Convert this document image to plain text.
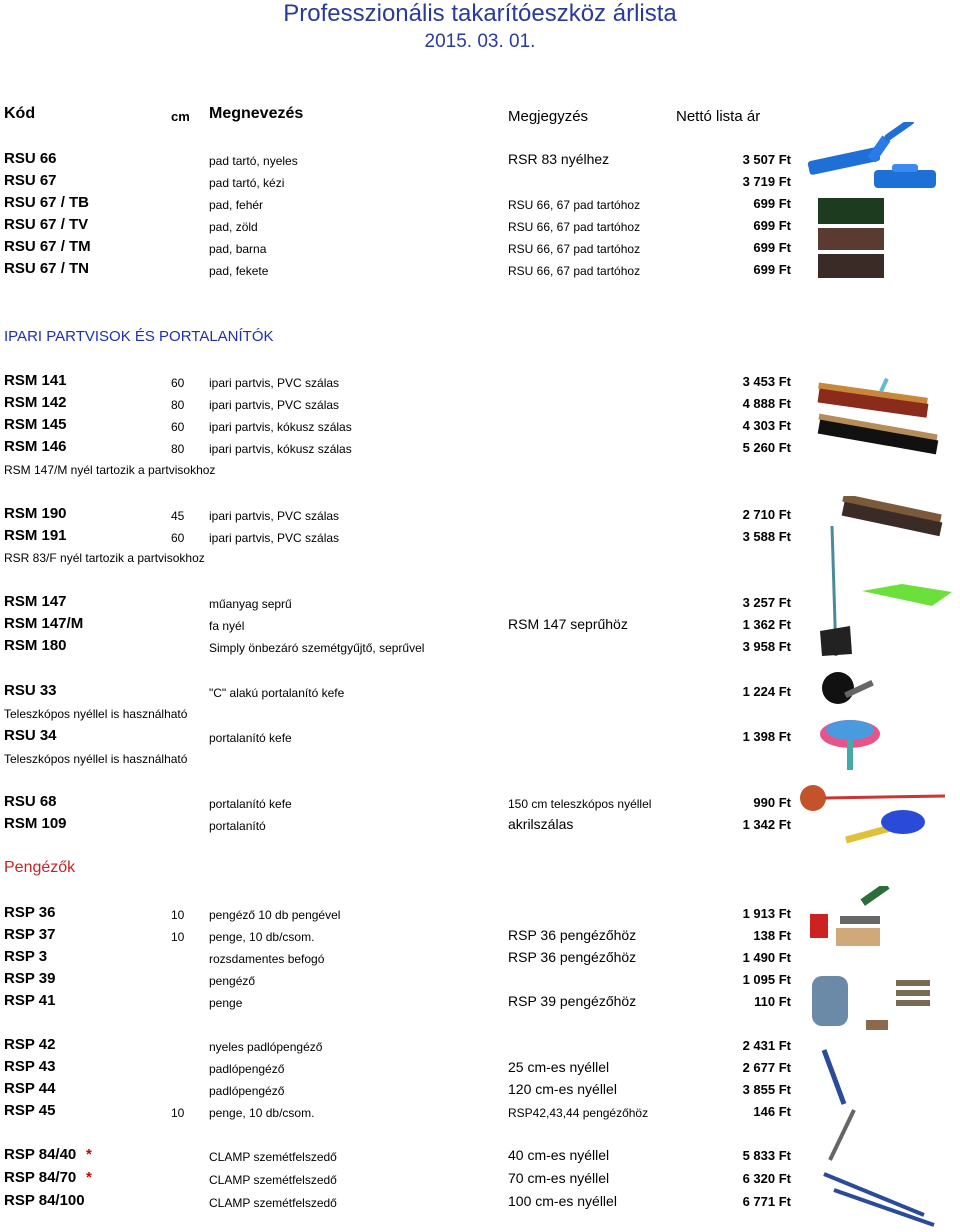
Professzionális takarítóeszköz árlista
2015. 03. 01.
Kód	cm Megnevezés	Megjegyzés	Nettó lista ár
RSU 66	pad tartó, nyeles	RSR 83 nyélhez	3 507 Ft
RSU 67	pad tartó, kézi	3 719 Ft
RSU 67 / TB	pad, fehér	RSU 66, 67 pad tartóhoz	699 Ft
RSU 67 / TV	pad, zöld	RSU 66, 67 pad tartóhoz	699 Ft
RSU 67 / TM	pad, barna	RSU 66, 67 pad tartóhoz	699 Ft
RSU 67 / TN	pad, fekete	RSU 66, 67 pad tartóhoz	699 Ft
RSM 141	60 ipari partvis, PVC szálas	3 453 Ft
RSM 142	80 ipari partvis, PVC szálas	4 888 Ft
RSM 145	60 ipari partvis, kókusz szálas	4 303 Ft
RSM 146	80 ipari partvis, kókusz szálas	5 260 Ft
RSM 190	45 ipari partvis, PVC szálas	2 710 Ft
RSM 191	60 ipari partvis, PVC szálas	3 588 Ft
RSM 147	műanyag seprű	3 257 Ft
RSM 147/M	fa nyél	RSM 147 seprűhöz	1 362 Ft
RSM 180	Simply önbezáró szemétgyűjtő, seprűvel	3 958 Ft
RSU 33	"C" alakú portalanító kefe	1 224 Ft
RSU 34	portalanító kefe	1 398 Ft
RSU 68	portalanító kefe	150 cm teleszkópos nyéllel	990 Ft
RSM 109	portalanító	akrilszálas	1 342 Ft
RSP 36	10 pengéző 10 db pengével	1 913 Ft
RSP 37	10 penge, 10 db/csom.	RSP 36 pengézőhöz	138 Ft
RSP 3	rozsdamentes befogó	RSP 36 pengézőhöz	1 490 Ft
RSP 39	pengéző	1 095 Ft
RSP 41	penge	RSP 39 pengézőhöz	110 Ft
RSP 42	nyeles padlópengéző	2 431 Ft
RSP 43	padlópengéző	25 cm-es nyéllel	2 677 Ft
RSP 44	padlópengéző	120 cm-es nyéllel	3 855 Ft
RSP 45	10 penge, 10 db/csom.	RSP42,43,44 pengézőhöz	146 Ft
RSP 84/40 *	CLAMP szemétfelszedő	40 cm-es nyéllel	5 833 Ft
RSP 84/70 *	CLAMP szemétfelszedő	70 cm-es nyéllel	6 320 Ft
RSP 84/100	CLAMP szemétfelszedő	100 cm-es nyéllel	6 771 Ft
IPARI PARTVISOK ÉS PORTALANÍTÓK
RSM 147/M nyél tartozik a partvisokhoz
RSR 83/F nyél tartozik a partvisokhoz
Teleszkópos nyéllel is használható
Teleszkópos nyéllel is használható
Pengézők
